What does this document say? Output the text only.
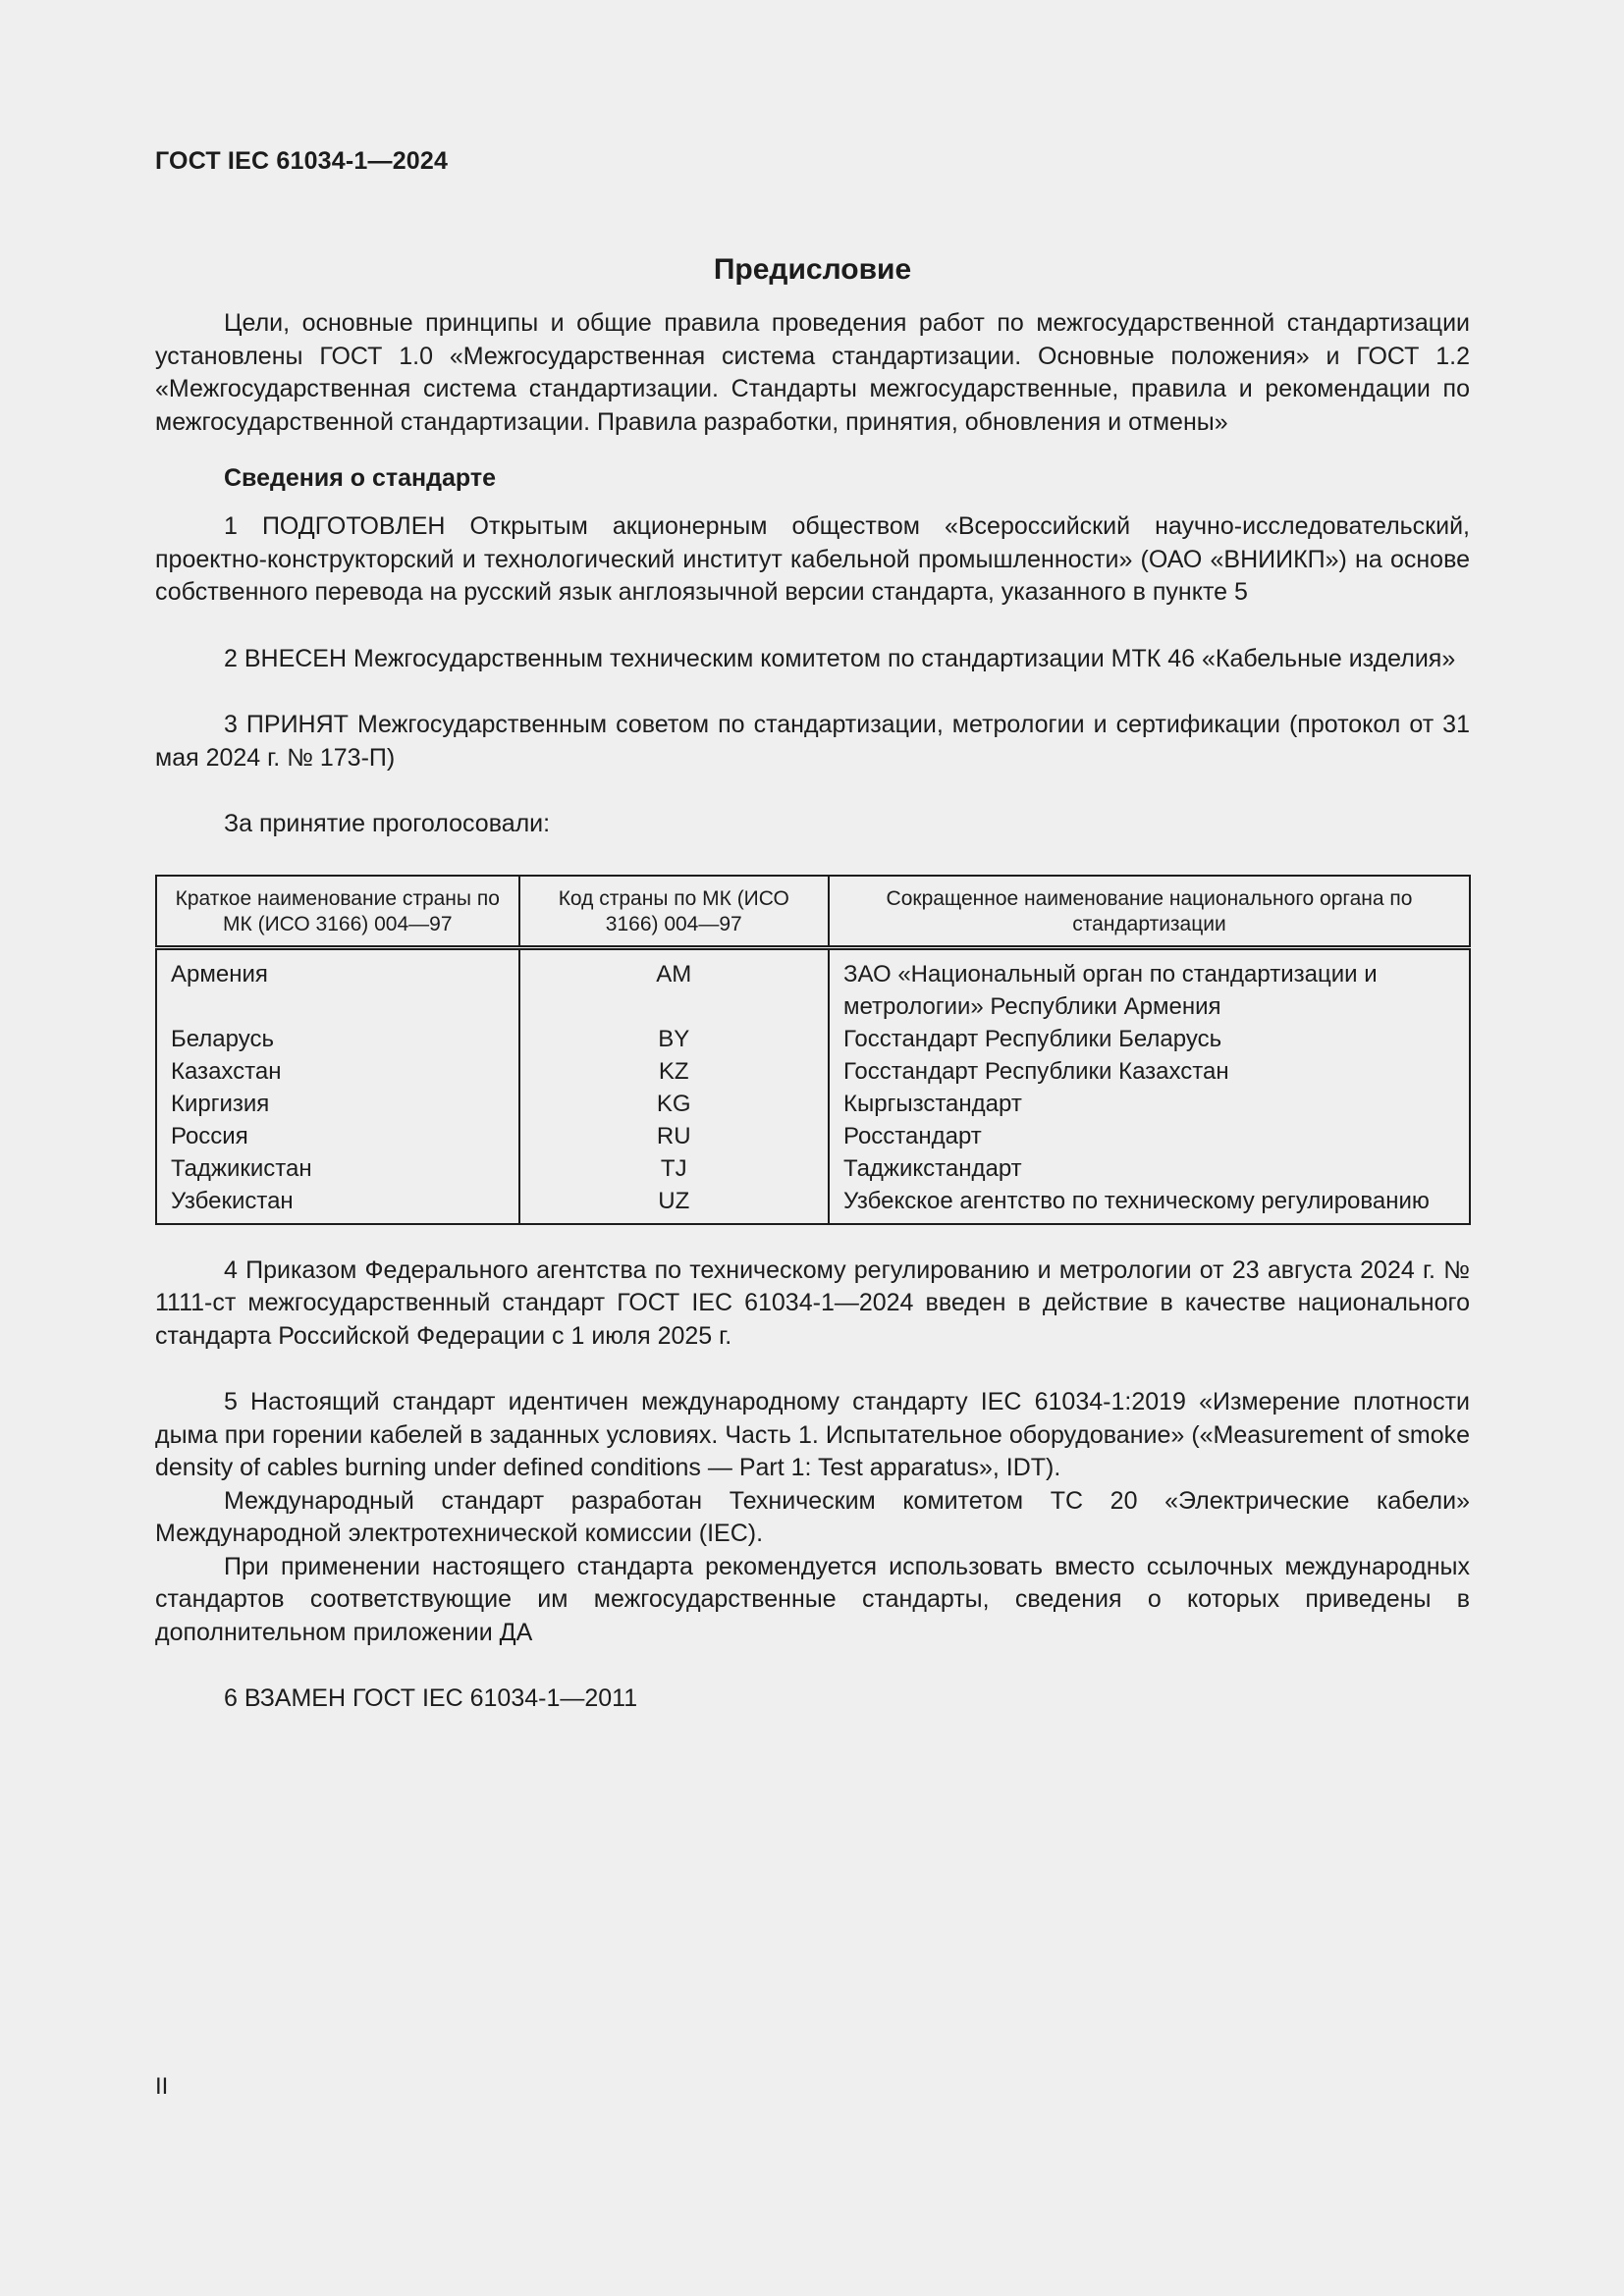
ГОСТ IEC 61034-1—2024
Предисловие

Цели, основные принципы и общие правила проведения работ по межгосударственной стандартизации установлены ГОСТ 1.0 «Межгосударственная система стандартизации. Основные положения» и ГОСТ 1.2 «Межгосударственная система стандартизации. Стандарты межгосударственные, правила и рекомендации по межгосударственной стандартизации. Правила разработки, принятия, обновления и отмены»

Сведения о стандарте

1 ПОДГОТОВЛЕН Открытым акционерным обществом «Всероссийский научно-исследовательский, проектно-конструкторский и технологический институт кабельной промышленности» (ОАО «ВНИИКП») на основе собственного перевода на русский язык англоязычной версии стандарта, указанного в пункте 5

2 ВНЕСЕН Межгосударственным техническим комитетом по стандартизации МТК 46 «Кабельные изделия»

3 ПРИНЯТ Межгосударственным советом по стандартизации, метрологии и сертификации (протокол от 31 мая 2024 г. № 173-П)

За принятие проголосовали:

Краткое наименование страны по МК (ИСО 3166) 004—97	Код страны по МК (ИСО 3166) 004—97	Сокращенное наименование национального органа по стандартизации
Армения	AM	ЗАО «Национальный орган по стандартизации и метрологии» Республики Армения
Беларусь	BY	Госстандарт Республики Беларусь
Казахстан	KZ	Госстандарт Республики Казахстан
Киргизия	KG	Кыргызстандарт
Россия	RU	Росстандарт
Таджикистан	TJ	Таджикстандарт
Узбекистан	UZ	Узбекское агентство по техническому регулированию

4 Приказом Федерального агентства по техническому регулированию и метрологии от 23 августа 2024 г. № 1111-ст межгосударственный стандарт ГОСТ IEC 61034-1—2024 введен в действие в качестве национального стандарта Российской Федерации с 1 июля 2025 г.

5 Настоящий стандарт идентичен международному стандарту IEC 61034-1:2019 «Измерение плотности дыма при горении кабелей в заданных условиях. Часть 1. Испытательное оборудование» («Measurement of smoke density of cables burning under defined conditions — Part 1: Test apparatus», IDT).

Международный стандарт разработан Техническим комитетом TC 20 «Электрические кабели» Международной электротехнической комиссии (IEC).

При применении настоящего стандарта рекомендуется использовать вместо ссылочных международных стандартов соответствующие им межгосударственные стандарты, сведения о которых приведены в дополнительном приложении ДА

6 ВЗАМЕН ГОСТ IEC 61034-1—2011

II
